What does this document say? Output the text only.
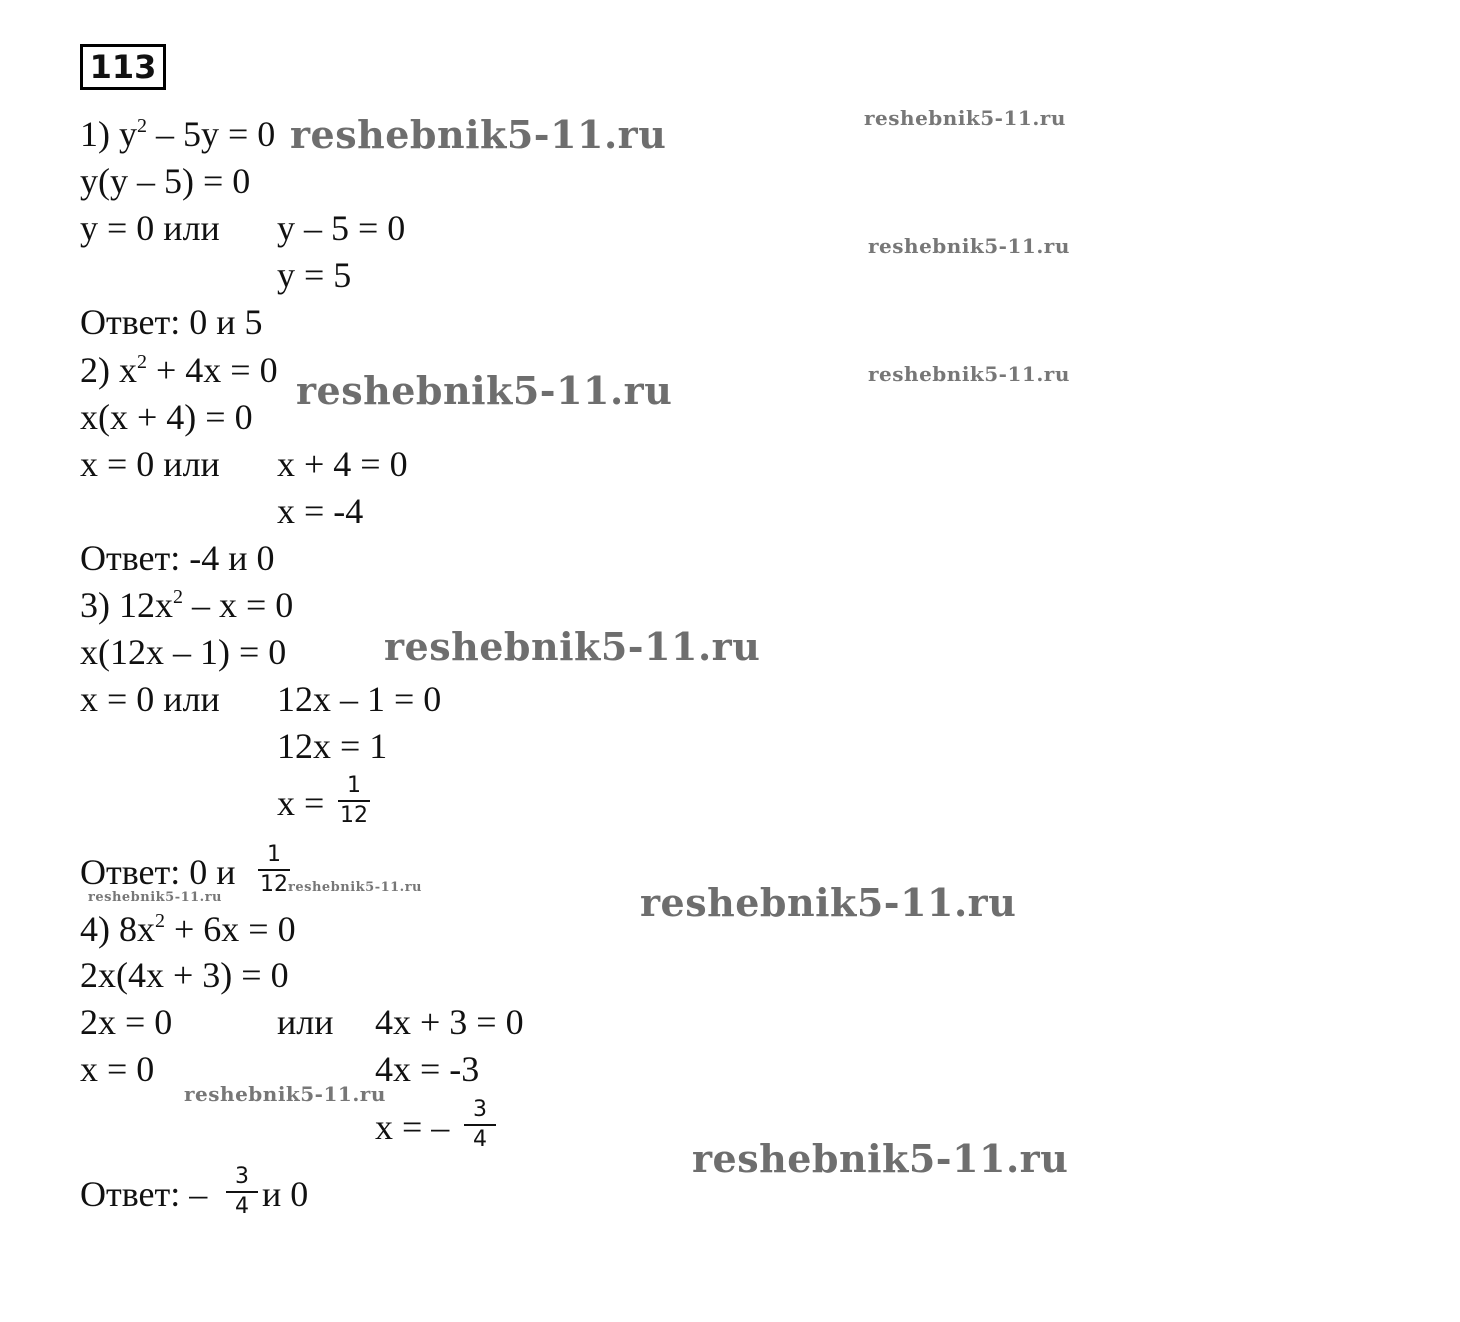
113
1) $y^2 - 5y = 0$
y(y – 5) = 0
y = 0 или y – 5 = 0
y = 5
Ответ: 0 и 5
2) $x^2 + 4x = 0$
x(x + 4) = 0
x = 0 или x + 4 = 0
x = -4
Ответ: -4 и 0
3) $12x^2 - x = 0$
x(12x – 1) = 0
x = 0 или 12x – 1 = 0
12x = 1
x =	1
12
Ответ: 0 и	1
12
4) $8x^2 + 6x = 0$
2x(4x + 3) = 0
2x = 0	или 4x + 3 = 0
x = 0	4x = -3
x = –	3
4
Ответ: –	3
4 и 0
reshebnik5-11.ru	reshebnik5-11.ru
reshebnik5-11.ru
reshebnik5-11.ru	reshebnik5-11.ru
reshebnik5-11.ru
reshebnik5-11.ru
reshebnik5-11.ru	reshebnik5-11.ru
reshebnik5-11.ru
reshebnik5-11.ru
